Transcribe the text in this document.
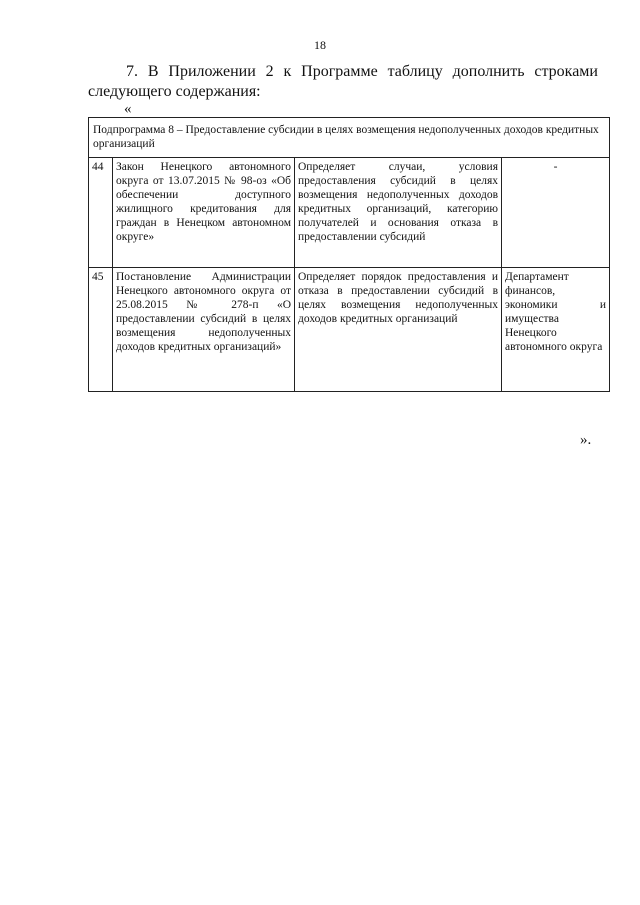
18

7. В Приложении 2 к Программе таблицу дополнить строками следующего содержания:

«
Подпрограмма 8 – Предоставление субсидии в целях возмещения недополученных доходов кредитных организаций			
44	Закон Ненецкого автономного округа от 13.07.2015 № 98-оз «Об обеспечении доступного жилищного кредитования для граждан в Ненецком автономном округе»	Определяет случаи, условия предоставления субсидий в целях возмещения недополученных доходов кредитных организаций, категорию получателей и основания отказа в предоставлении субсидий	-
45	Постановление Администрации Ненецкого автономного округа от 25.08.2015 № 278-п «О предоставлении субсидий в целях возмещения недополученных доходов кредитных организаций»	Определяет порядок предоставления и отказа в предоставлении субсидий в целях возмещения недополученных доходов кредитных организаций	Департамент финансов, экономики и имущества Ненецкого автономного округа
».
